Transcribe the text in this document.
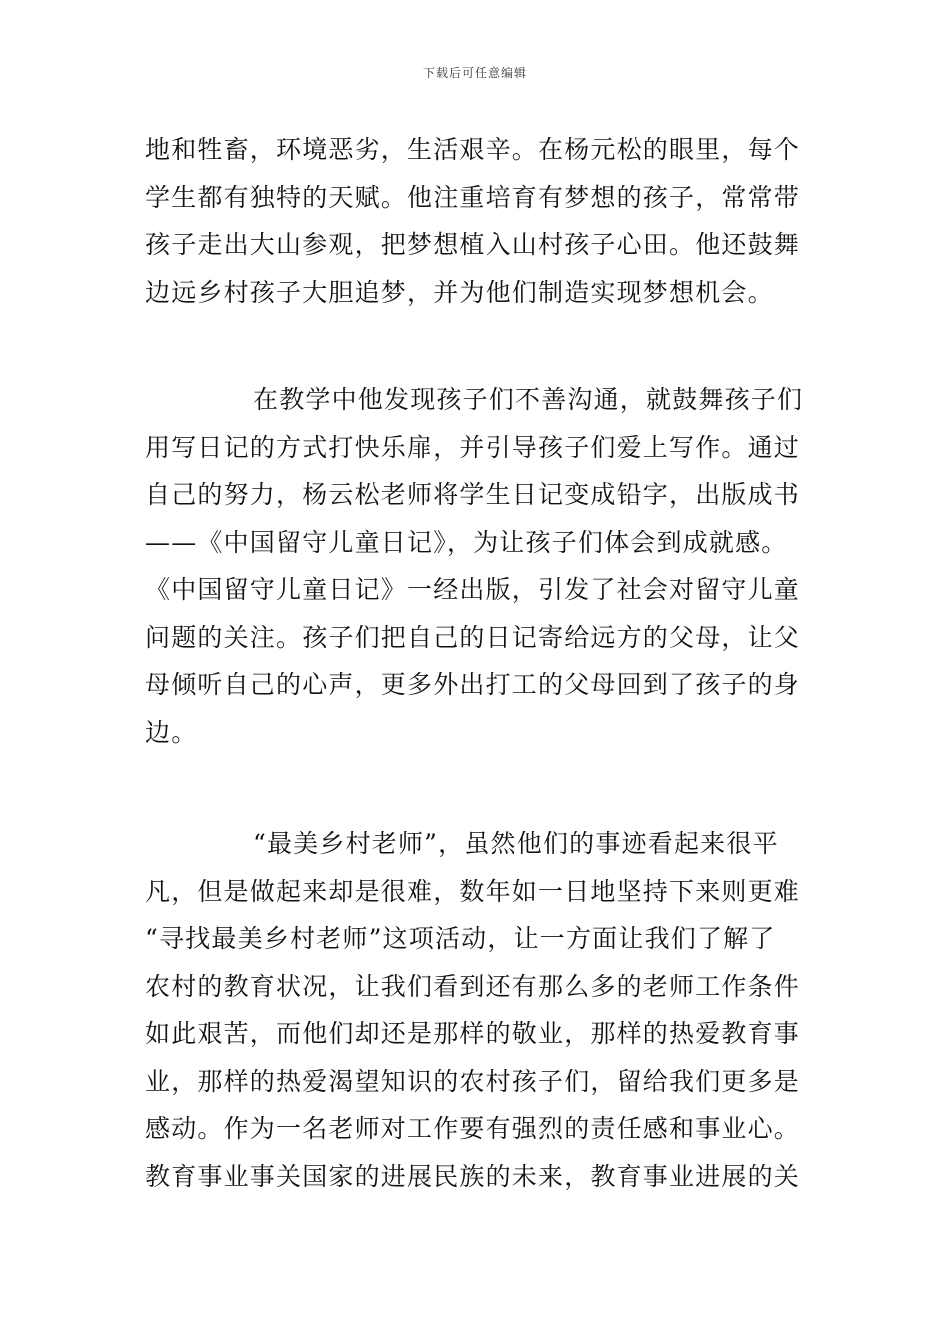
下载后可任意编辑
地和牲畜，环境恶劣，生活艰辛。在杨元松的眼里，每个
学生都有独特的天赋。他注重培育有梦想的孩子，常常带
孩子走出大山参观，把梦想植入山村孩子心田。他还鼓舞
边远乡村孩子大胆追梦，并为他们制造实现梦想机会。
在教学中他发现孩子们不善沟通，就鼓舞孩子们
用写日记的方式打快乐扉，并引导孩子们爱上写作。通过
自己的努力，杨云松老师将学生日记变成铅字，出版成书
——《中国留守儿童日记》，为让孩子们体会到成就感。
《中国留守儿童日记》一经出版，引发了社会对留守儿童
问题的关注。孩子们把自己的日记寄给远方的父母，让父
母倾听自己的心声，更多外出打工的父母回到了孩子的身
边。
“最美乡村老师”，虽然他们的事迹看起来很平
凡，但是做起来却是很难，数年如一日地坚持下来则更难
“寻找最美乡村老师”这项活动，让一方面让我们了解了
农村的教育状况，让我们看到还有那么多的老师工作条件
如此艰苦，而他们却还是那样的敬业，那样的热爱教育事
业，那样的热爱渴望知识的农村孩子们，留给我们更多是
感动。作为一名老师对工作要有强烈的责任感和事业心。
教育事业事关国家的进展民族的未来，教育事业进展的关
